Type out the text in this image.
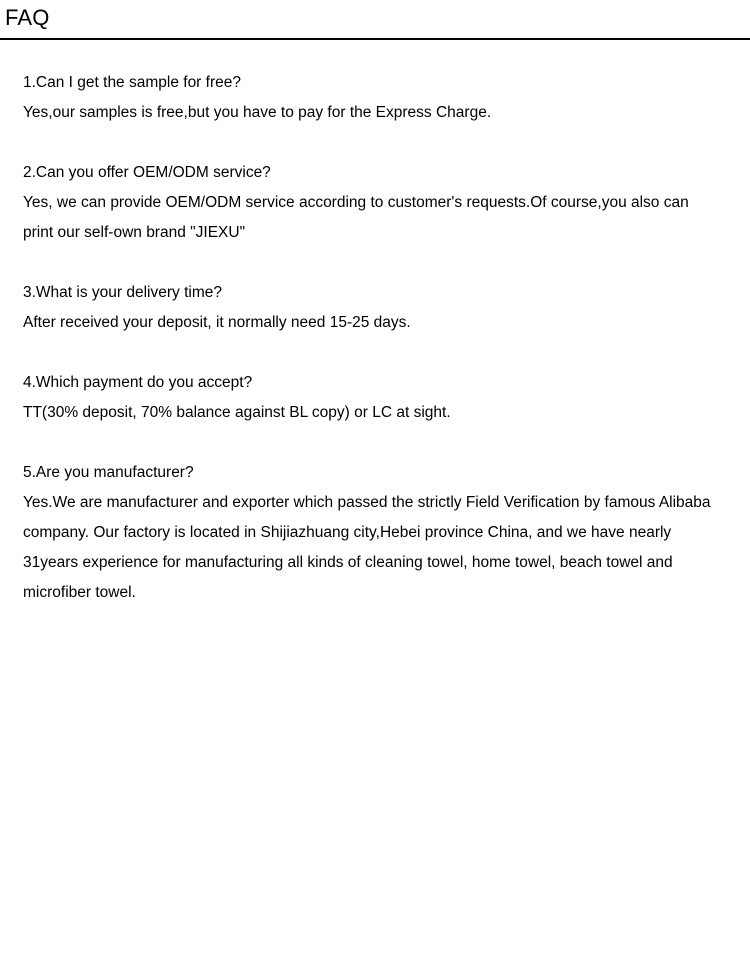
FAQ

1.Can I get the sample for free?

Yes,our samples is free,but you have to pay for the Express Charge.

2.Can you offer OEM/ODM service?

Yes, we can provide OEM/ODM service according to customer's requests.Of course,you also can print our self-own brand "JIEXU"

3.What is your delivery time?

After received your deposit, it normally need 15-25 days.

4.Which payment do you accept?

TT(30% deposit, 70% balance against BL copy) or LC at sight.

5.Are you manufacturer?

Yes.We are manufacturer and exporter which passed the strictly Field Verification by famous Alibaba company. Our factory is located in Shijiazhuang city,Hebei province China, and we have nearly 31years experience for manufacturing all kinds of cleaning towel, home towel, beach towel and microfiber towel.
